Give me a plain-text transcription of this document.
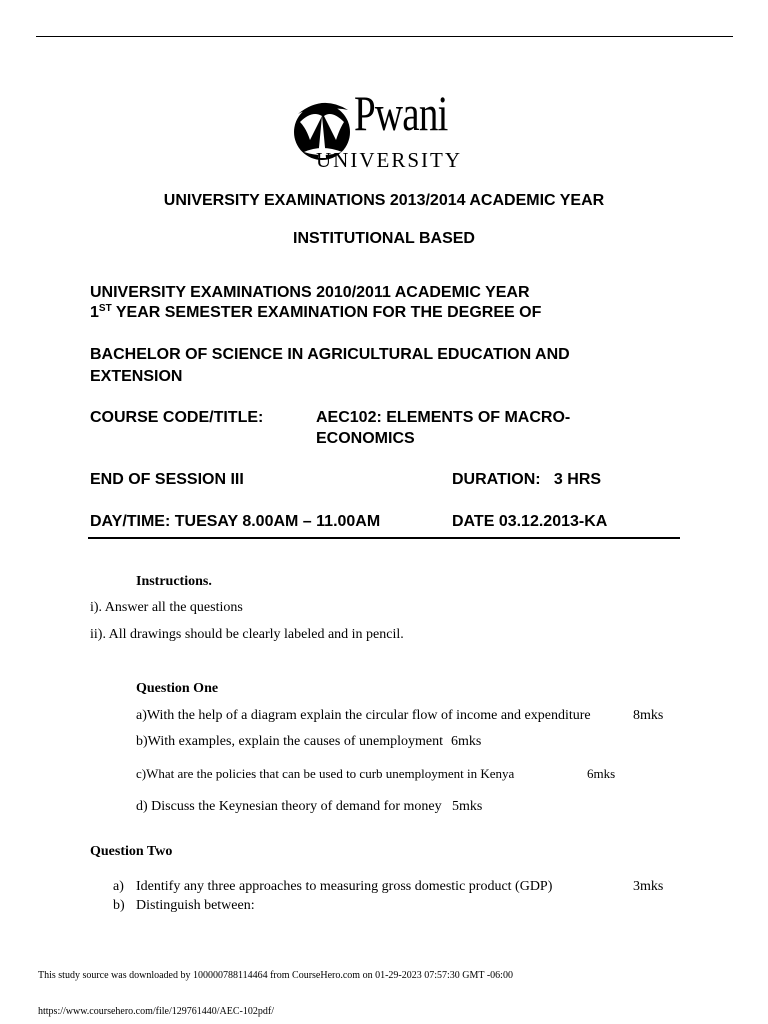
Pwani
UNIVERSITY
UNIVERSITY EXAMINATIONS 2013/2014 ACADEMIC YEAR
INSTITUTIONAL BASED
UNIVERSITY EXAMINATIONS 2010/2011 ACADEMIC YEAR
1ST YEAR SEMESTER EXAMINATION FOR THE DEGREE OF
BACHELOR OF SCIENCE IN AGRICULTURAL EDUCATION AND
EXTENSION
COURSE CODE/TITLE:	AEC102: ELEMENTS OF MACRO-
ECONOMICS
END OF SESSION III	DURATION:   3 HRS
DAY/TIME: TUESAY 8.00AM – 11.00AM	DATE 03.12.2013-KA
Instructions.
i). Answer all the questions
ii). All drawings should be clearly labeled and in pencil.
Question One
a)With the help of a diagram explain the circular flow of income and expenditure	8mks
b)With examples, explain the causes of unemployment 6mks
c)What are the policies that can be used to curb unemployment in Kenya	6mks
d) Discuss the Keynesian theory of demand for money 5mks
Question Two
a) Identify any three approaches to measuring gross domestic product (GDP)	3mks
b) Distinguish between:
This study source was downloaded by 100000788114464 from CourseHero.com on 01-29-2023 07:57:30 GMT -06:00
https://www.coursehero.com/file/129761440/AEC-102pdf/
